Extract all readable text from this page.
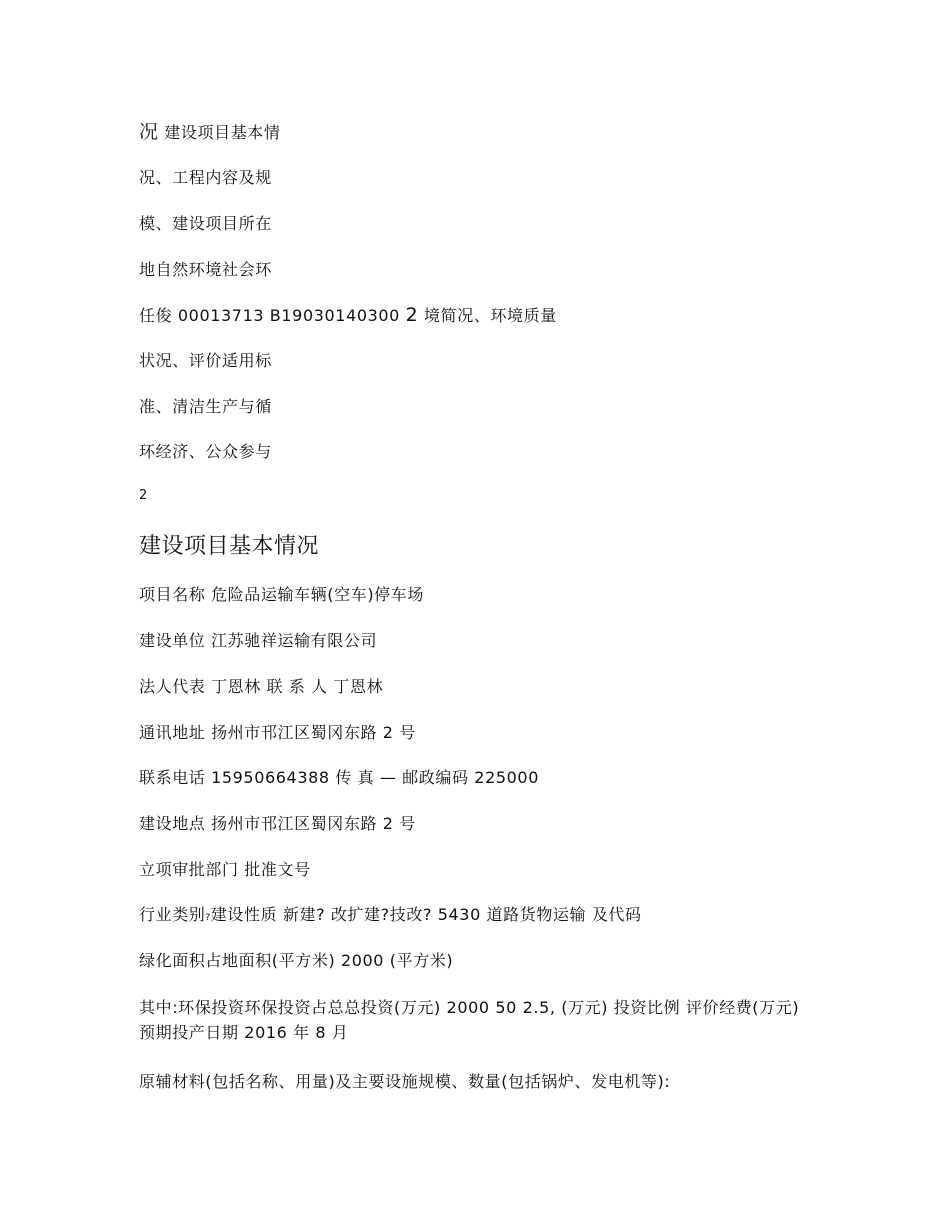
况 建设项目基本情
况、工程内容及规
模、建设项目所在
地自然环境社会环
任俊 00013713 B19030140300 2 境简况、环境质量
状况、评价适用标
准、清洁生产与循
环经济、公众参与
2
建设项目基本情况
项目名称 危险品运输车辆(空车)停车场
建设单位 江苏驰祥运输有限公司
法人代表 丁恩林 联 系 人 丁恩林
通讯地址 扬州市邗江区蜀冈东路 2 号
联系电话 15950664388 传 真 — 邮政编码 225000
建设地点 扬州市邗江区蜀冈东路 2 号
立项审批部门 批准文号
行业类别?建设性质 新建? 改扩建?技改? 5430 道路货物运输 及代码
绿化面积占地面积(平方米) 2000 (平方米)
其中:环保投资环保投资占总总投资(万元) 2000 50 2.5, (万元) 投资比例 评价经费(万元) 预期投产日期 2016 年 8 月
原辅材料(包括名称、用量)及主要设施规模、数量(包括锅炉、发电机等):
